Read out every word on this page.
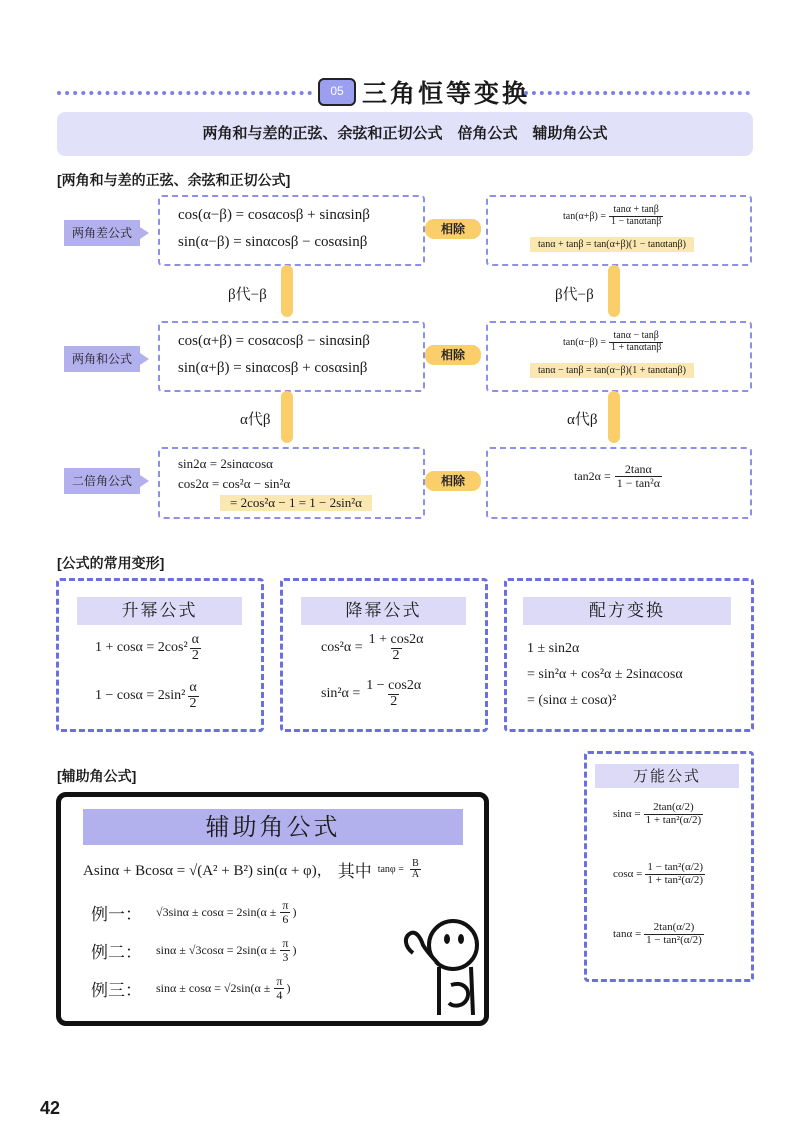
05 三角恒等变换
两角和与差的正弦、余弦和正切公式　倍角公式　辅助角公式
[两角和与差的正弦、余弦和正切公式]
两角差公式
cos(α−β) = cosαcosβ + sinαsinβ
sin(α−β) = sinαcosβ − cosαsinβ
相除
$\tan(\alpha+\beta) = \frac{\tan\alpha + \tan\beta}{1 - \tan\alpha\tan\beta}$
tanα + tanβ = tan(α+β)(1 − tanαtanβ)
β代−β	β代−β
两角和公式
cos(α+β) = cosαcosβ − sinαsinβ
sin(α+β) = sinαcosβ + cosαsinβ
相除
$\tan(\alpha-\beta) = \frac{\tan\alpha - \tan\beta}{1 + \tan\alpha\tan\beta}$
tanα − tanβ = tan(α−β)(1 + tanαtanβ)
α代β	α代β
二倍角公式
sin2α = 2sinαcosα
cos2α = cos²α − sin²α
= 2cos²α − 1 = 1 − 2sin²α
相除	$\tan 2\alpha = \frac{2\tan\alpha}{\text{1 − tan²α}}$
[公式的常用变形]
升幂公式
$1 + \cos\alpha = 2\cos^2 \frac{\alpha}{2}$
$1 - \cos\alpha = 2\sin^2 \frac{\alpha}{2}$
降幂公式
$\cos^2\alpha = \frac{1 + \cos 2\alpha}{2}$
$\sin^2\alpha = \frac{1 - \cos 2\alpha}{2}$
配方变换
1 ± sin2α
= sin²α + cos²α ± 2sinαcosα
= (sinα ± cosα)²
[辅助角公式]
辅助角公式
Asinα + Bcosα = √(A² + B²) sin(α + φ)， 其中 $\tan\varphi = \frac{B}{A}$
例一： $√3\sin\alpha \pm \cos\alpha = 2\sin(\alpha \pm \frac{\pi}{6}$ )
例二： $\sin\alpha \pm √3\cos\alpha = 2\sin(\alpha \pm \frac{\pi}{3}$ )
例三： $\sin\alpha \pm \cos\alpha = √2\sin(\alpha \pm \frac{\pi}{4}$ )
万能公式
$\sin\alpha = \frac{2\tan(\alpha/2)}{\text{1 + tan²(α/2)}}$
$\cos\alpha = \frac{\text{1 − tan²(α/2)}}{\text{1 + tan²(α/2)}}$
$\tan\alpha = \frac{2\tan(\alpha/2)}{\text{1 − tan²(α/2)}}$
42
